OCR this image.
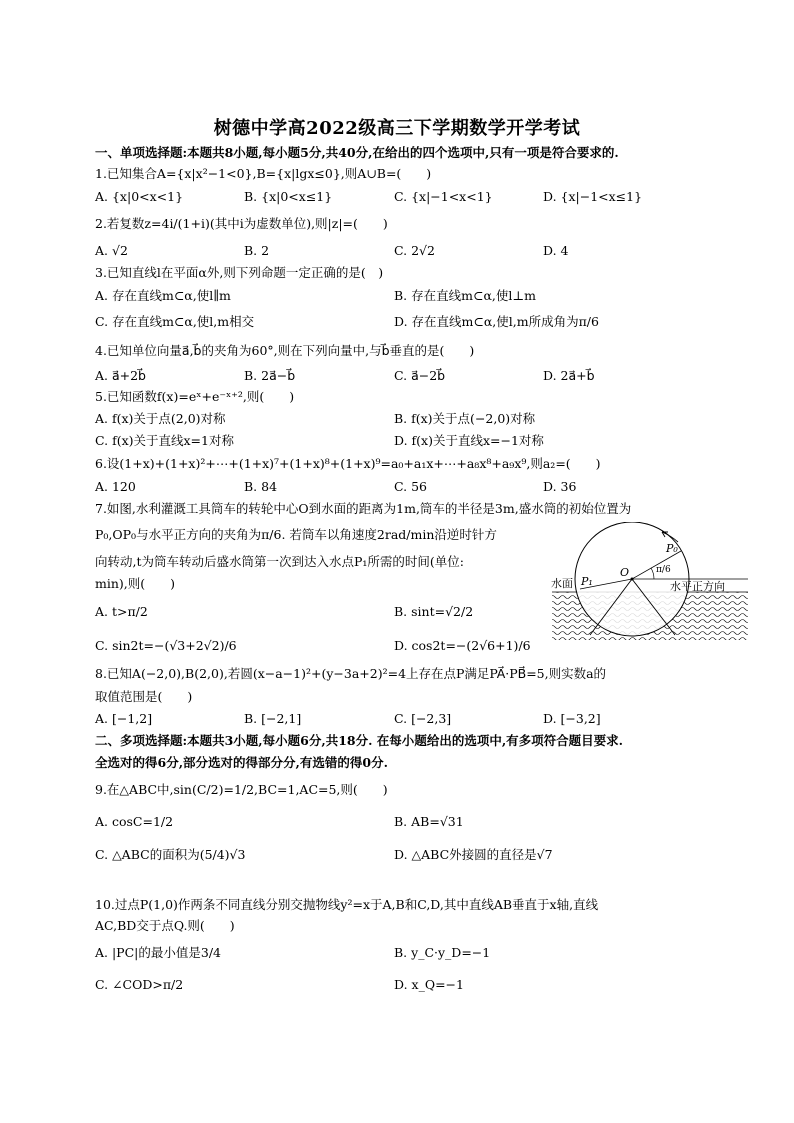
树德中学高2022级高三下学期数学开学考试
一、单项选择题:本题共8小题,每小题5分,共40分,在给出的四个选项中,只有一项是符合要求的.
1.已知集合A={x|x²−1<0},B={x|lgx≤0},则A∪B=(　　)
A. {x|0<x<1}	B. {x|0<x≤1}	C. {x|−1<x<1}	D. {x|−1<x≤1}
2.若复数z=4i/(1+i)(其中i为虚数单位),则|z|=(　　)
A. √2	B. 2	C. 2√2	D. 4
3.已知直线l在平面α外,则下列命题一定正确的是(　)
A. 存在直线m⊂α,使l∥m	B. 存在直线m⊂α,使l⊥m
C. 存在直线m⊂α,使l,m相交	D. 存在直线m⊂α,使l,m所成角为π/6
4.已知单位向量a⃗,b⃗的夹角为60°,则在下列向量中,与b⃗垂直的是(　　)
A. a⃗+2b⃗	B. 2a⃗−b⃗	C. a⃗−2b⃗	D. 2a⃗+b⃗
5.已知函数f(x)=eˣ+e⁻ˣ⁺²,则(　　)
A. f(x)关于点(2,0)对称	B. f(x)关于点(−2,0)对称
C. f(x)关于直线x=1对称	D. f(x)关于直线x=−1对称
6.设(1+x)+(1+x)²+⋯+(1+x)⁷+(1+x)⁸+(1+x)⁹=a₀+a₁x+⋯+a₈x⁸+a₉x⁹,则a₂=(　　)
A. 120	B. 84	C. 56	D. 36
7.如图,水利灌溉工具筒车的转轮中心O到水面的距离为1m,筒车的半径是3m,盛水筒的初始位置为
P₀,OP₀与水平正方向的夹角为π/6. 若筒车以角速度2rad/min沿逆时针方
向转动,t为筒车转动后盛水筒第一次到达入水点P₁所需的时间(单位:
min),则(　　)
A. t>π/2	B. sint=√2/2
C. sin2t=−(√3+2√2)/6	D. cos2t=−(2√6+1)/6
水面 P₁
O
P₀
π/6
水平正方向
8.已知A(−2,0),B(2,0),若圆(x−a−1)²+(y−3a+2)²=4上存在点P满足PA⃗·PB⃗=5,则实数a的
取值范围是(　　)
A. [−1,2]	B. [−2,1]	C. [−2,3]	D. [−3,2]
二、多项选择题:本题共3小题,每小题6分,共18分. 在每小题给出的选项中,有多项符合题目要求.
全选对的得6分,部分选对的得部分分,有选错的得0分.
9.在△ABC中,sin(C/2)=1/2,BC=1,AC=5,则(　　)
A. cosC=1/2	B. AB=√31
C. △ABC的面积为(5/4)√3	D. △ABC外接圆的直径是√7
10.过点P(1,0)作两条不同直线分别交抛物线y²=x于A,B和C,D,其中直线AB垂直于x轴,直线
AC,BD交于点Q.则(　　)
A. |PC|的最小值是3/4	B. y_C·y_D=−1
C. ∠COD>π/2	D. x_Q=−1
